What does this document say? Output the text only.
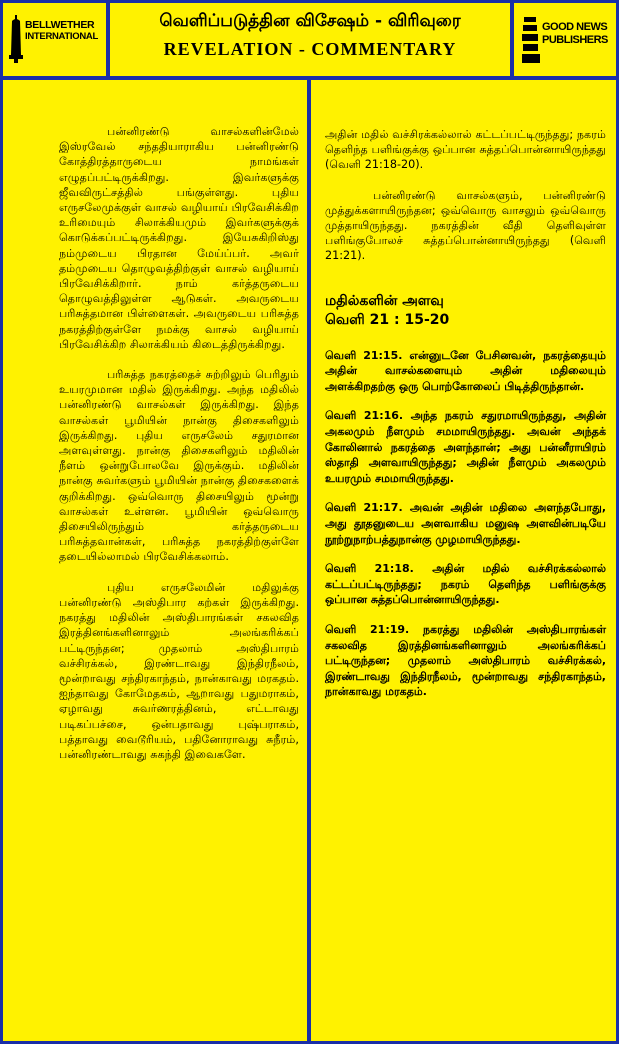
BELLWETHER
INTERNATIONAL
வெளிப்படுத்தின விசேஷம் - விரிவுரை
REVELATION - COMMENTARY
GOOD NEWS
PUBLISHERS

பன்னிரண்டு வாசல்களின்மேல் இஸ்ரவேல் சந்ததியாராகிய பன்னிரண்டு கோத்திரத்தாருடைய நாமங்கள் எழுதப்பட்டிருக்கிறது. இவர்களுக்கு ஜீவவிருட்சத்தில் பங்குள்ளது. புதிய எருசலேமுக்குள் வாசல் வழியாய் பிரவேசிக்கிற உரிமையும் சிலாக்கியமும் இவர்களுக்குக் கொடுக்கப்பட்டிருக்கிறது. இயேசுகிறிஸ்து நம்முடைய பிரதான மேய்ப்பர். அவர் தம்முடைய தொழுவத்திற்குள் வாசல் வழியாய் பிரவேசிக்கிறார். நாம் கர்த்தருடைய தொழுவத்திலுள்ள ஆடுகள். அவருடைய பரிசுத்தமான பிள்ளைகள். அவருடைய பரிசுத்த நகரத்திற்குள்ளே நமக்கு வாசல் வழியாய் பிரவேசிக்கிற சிலாக்கியம் கிடைத்திருக்கிறது.

பரிசுத்த நகரத்தைச் சுற்றிலும் பெரிதும் உயரமுமான மதில் இருக்கிறது. அந்த மதிலில் பன்னிரண்டு வாசல்கள் இருக்கிறது. இந்த வாசல்கள் பூமியின் நான்கு திசைகளிலும் இருக்கிறது. புதிய எருசலேம் சதுரமான அளவுள்ளது. நான்கு திசைகளிலும் மதிலின் நீளம் ஒன்றுபோலவே இருக்கும். மதிலின் நான்கு சுவர்களும் பூமியின் நான்கு திசைகளைக் குறிக்கிறது. ஒவ்வொரு திசையிலும் மூன்று வாசல்கள் உள்ளன. பூமியின் ஒவ்வொரு திசையிலிருந்தும் கர்த்தருடைய பரிசுத்தவான்கள், பரிசுத்த நகரத்திற்குள்ளே தடையில்லாமல் பிரவேசிக்கலாம்.

புதிய எருசலேமின் மதிலுக்கு பன்னிரண்டு அஸ்திபார கற்கள் இருக்கிறது. நகரத்து மதிலின் அஸ்திபாரங்கள் சகலவித இரத்தினங்களினாலும் அலங்கரிக்கப் பட்டிருந்தன; முதலாம் அஸ்திபாரம் வச்சிரக்கல், இரண்டாவது இந்திரநீலம், மூன்றாவது சந்திரகாந்தம், நான்காவது மரகதம். ஐந்தாவது கோமேதகம், ஆறாவது பதுமராகம், ஏழாவது சுவர்ணரத்தினம், எட்டாவது படிகப்பச்சை, ஒன்பதாவது புஷ்பராகம், பத்தாவது வைடூரியம், பதினோராவது சுநீரம், பன்னிரண்டாவது சுகந்தி இவைகளே.

அதின் மதில் வச்சிரக்கல்லால் கட்டப்பட்டிருந்தது; நகரம் தெளிந்த பளிங்குக்கு ஒப்பான சுத்தப்பொன்னாயிருந்தது (வெளி 21:18-20).

பன்னிரண்டு வாசல்களும், பன்னிரண்டு முத்துக்களாயிருந்தன; ஒவ்வொரு வாசலும் ஒவ்வொரு முத்தாயிருந்தது. நகரத்தின் வீதி தெளிவுள்ள பளிங்குபோலச் சுத்தப்பொன்னாயிருந்தது (வெளி 21:21).

மதில்களின் அளவு
வெளி 21 : 15-20

வெளி 21:15. என்னுடனே பேசினவன், நகரத்தையும் அதின் வாசல்களையும் அதின் மதிலையும் அளக்கிறதற்கு ஒரு பொற்கோலைப் பிடித்திருந்தான்.

வெளி 21:16. அந்த நகரம் சதுரமாயிருந்தது, அதின் அகலமும் நீளமும் சமமாயிருந்தது. அவன் அந்தக் கோலினால் நகரத்தை அளந்தான்; அது பன்னீராயிரம் ஸ்தாதி அளவாயிருந்தது; அதின் நீளமும் அகலமும் உயரமும் சமமாயிருந்தது.

வெளி 21:17. அவன் அதின் மதிலை அளந்தபோது, அது தூதனுடைய அளவாகிய மனுஷ அளவின்படியே நூற்றுநாற்பத்துநான்கு முழமாயிருந்தது.

வெளி 21:18. அதின் மதில் வச்சிரக்கல்லால் கட்டப்பட்டிருந்தது; நகரம் தெளிந்த பளிங்குக்கு ஒப்பான சுத்தப்பொன்னாயிருந்தது.

வெளி 21:19. நகரத்து மதிலின் அஸ்திபாரங்கள் சகலவித இரத்தினங்களினாலும் அலங்கரிக்கப் பட்டிருந்தன; முதலாம் அஸ்திபாரம் வச்சிரக்கல், இரண்டாவது இந்திரநீலம், மூன்றாவது சந்திரகாந்தம், நான்காவது மரகதம்.
